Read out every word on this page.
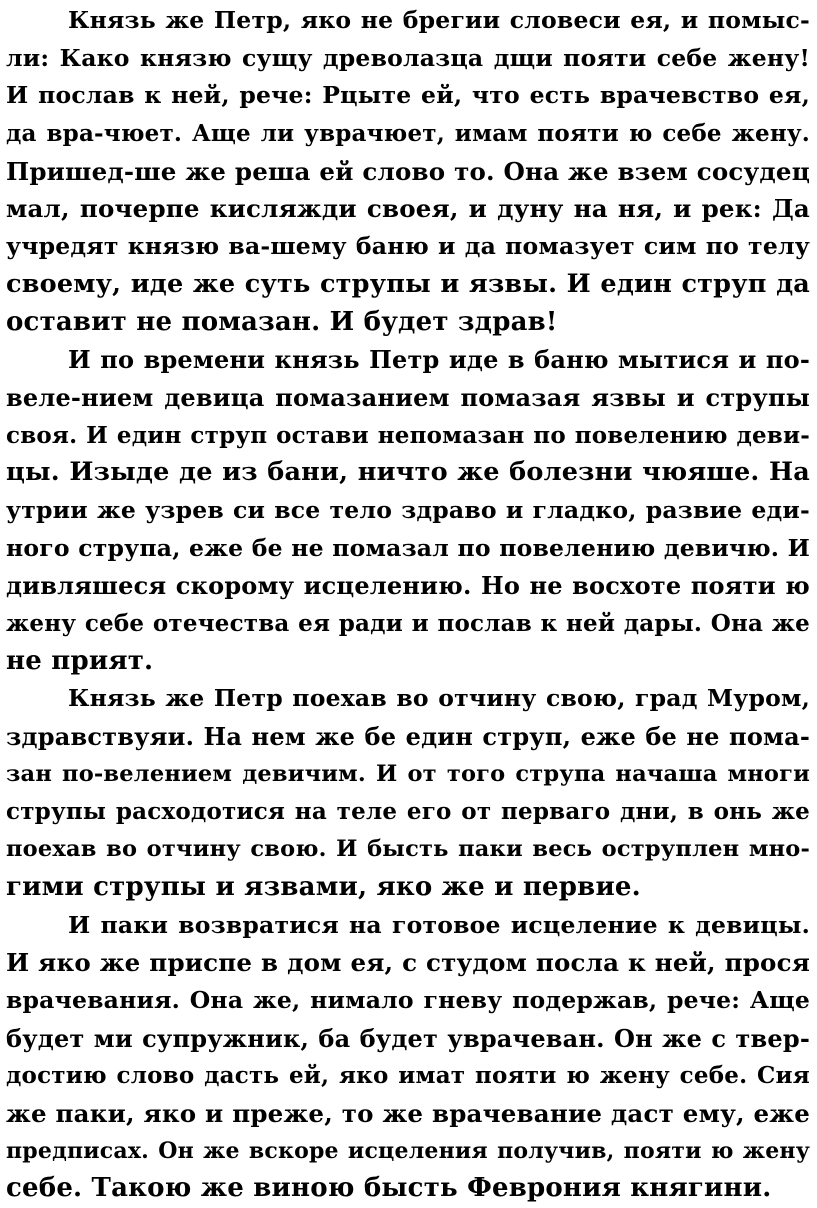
Князь же Петр, яко не брегии словеси ея, и помыс-
ли: Како князю сущу древолазца дщи пояти себе жену!
И послав к ней, рече: Рцыте ей, что есть врачевство ея,
да вра-чюет. Аще ли уврачюет, имам пояти ю себе жену.
Пришед-ше же реша ей слово то. Она же взем сосудец
мал, почерпе кисляжди своея, и дуну на ня, и рек: Да
учредят князю ва-шему баню и да помазует сим по телу
своему, иде же суть струпы и язвы. И един струп да
оставит не помазан. И будет здрав!
И по времени князь Петр иде в баню мытися и по-
веле-нием девица помазанием помазая язвы и струпы
своя. И един струп остави непомазан по повелению деви-
цы. Изыде де из бани, ничто же болезни чюяше. На
утрии же узрев си все тело здраво и гладко, развие еди-
ного струпа, еже бе не помазал по повелению девичю. И
дивляшеся скорому исцелению. Но не восхоте пояти ю
жену себе отечества ея ради и послав к ней дары. Она же
не прият.
Князь же Петр поехав во отчину свою, град Муром,
здравствуяи. На нем же бе един струп, еже бе не пома-
зан по-велением девичим. И от того струпа начаша многи
струпы расходотися на теле его от перваго дни, в онь же
поехав во отчину свою. И бысть паки весь оструплен мно-
гими струпы и язвами, яко же и первие.
И паки возвратися на готовое исцеление к девицы.
И яко же приспе в дом ея, с студом посла к ней, прося
врачевания. Она же, нимало гневу подержав, рече: Аще
будет ми супружник, ба будет уврачеван. Он же с твер-
достию слово дасть ей, яко имат пояти ю жену себе. Сия
же паки, яко и преже, то же врачевание даст ему, еже
предписах. Он же вскоре исцеления получив, пояти ю жену
себе. Такою же виною бысть Феврония княгини.
